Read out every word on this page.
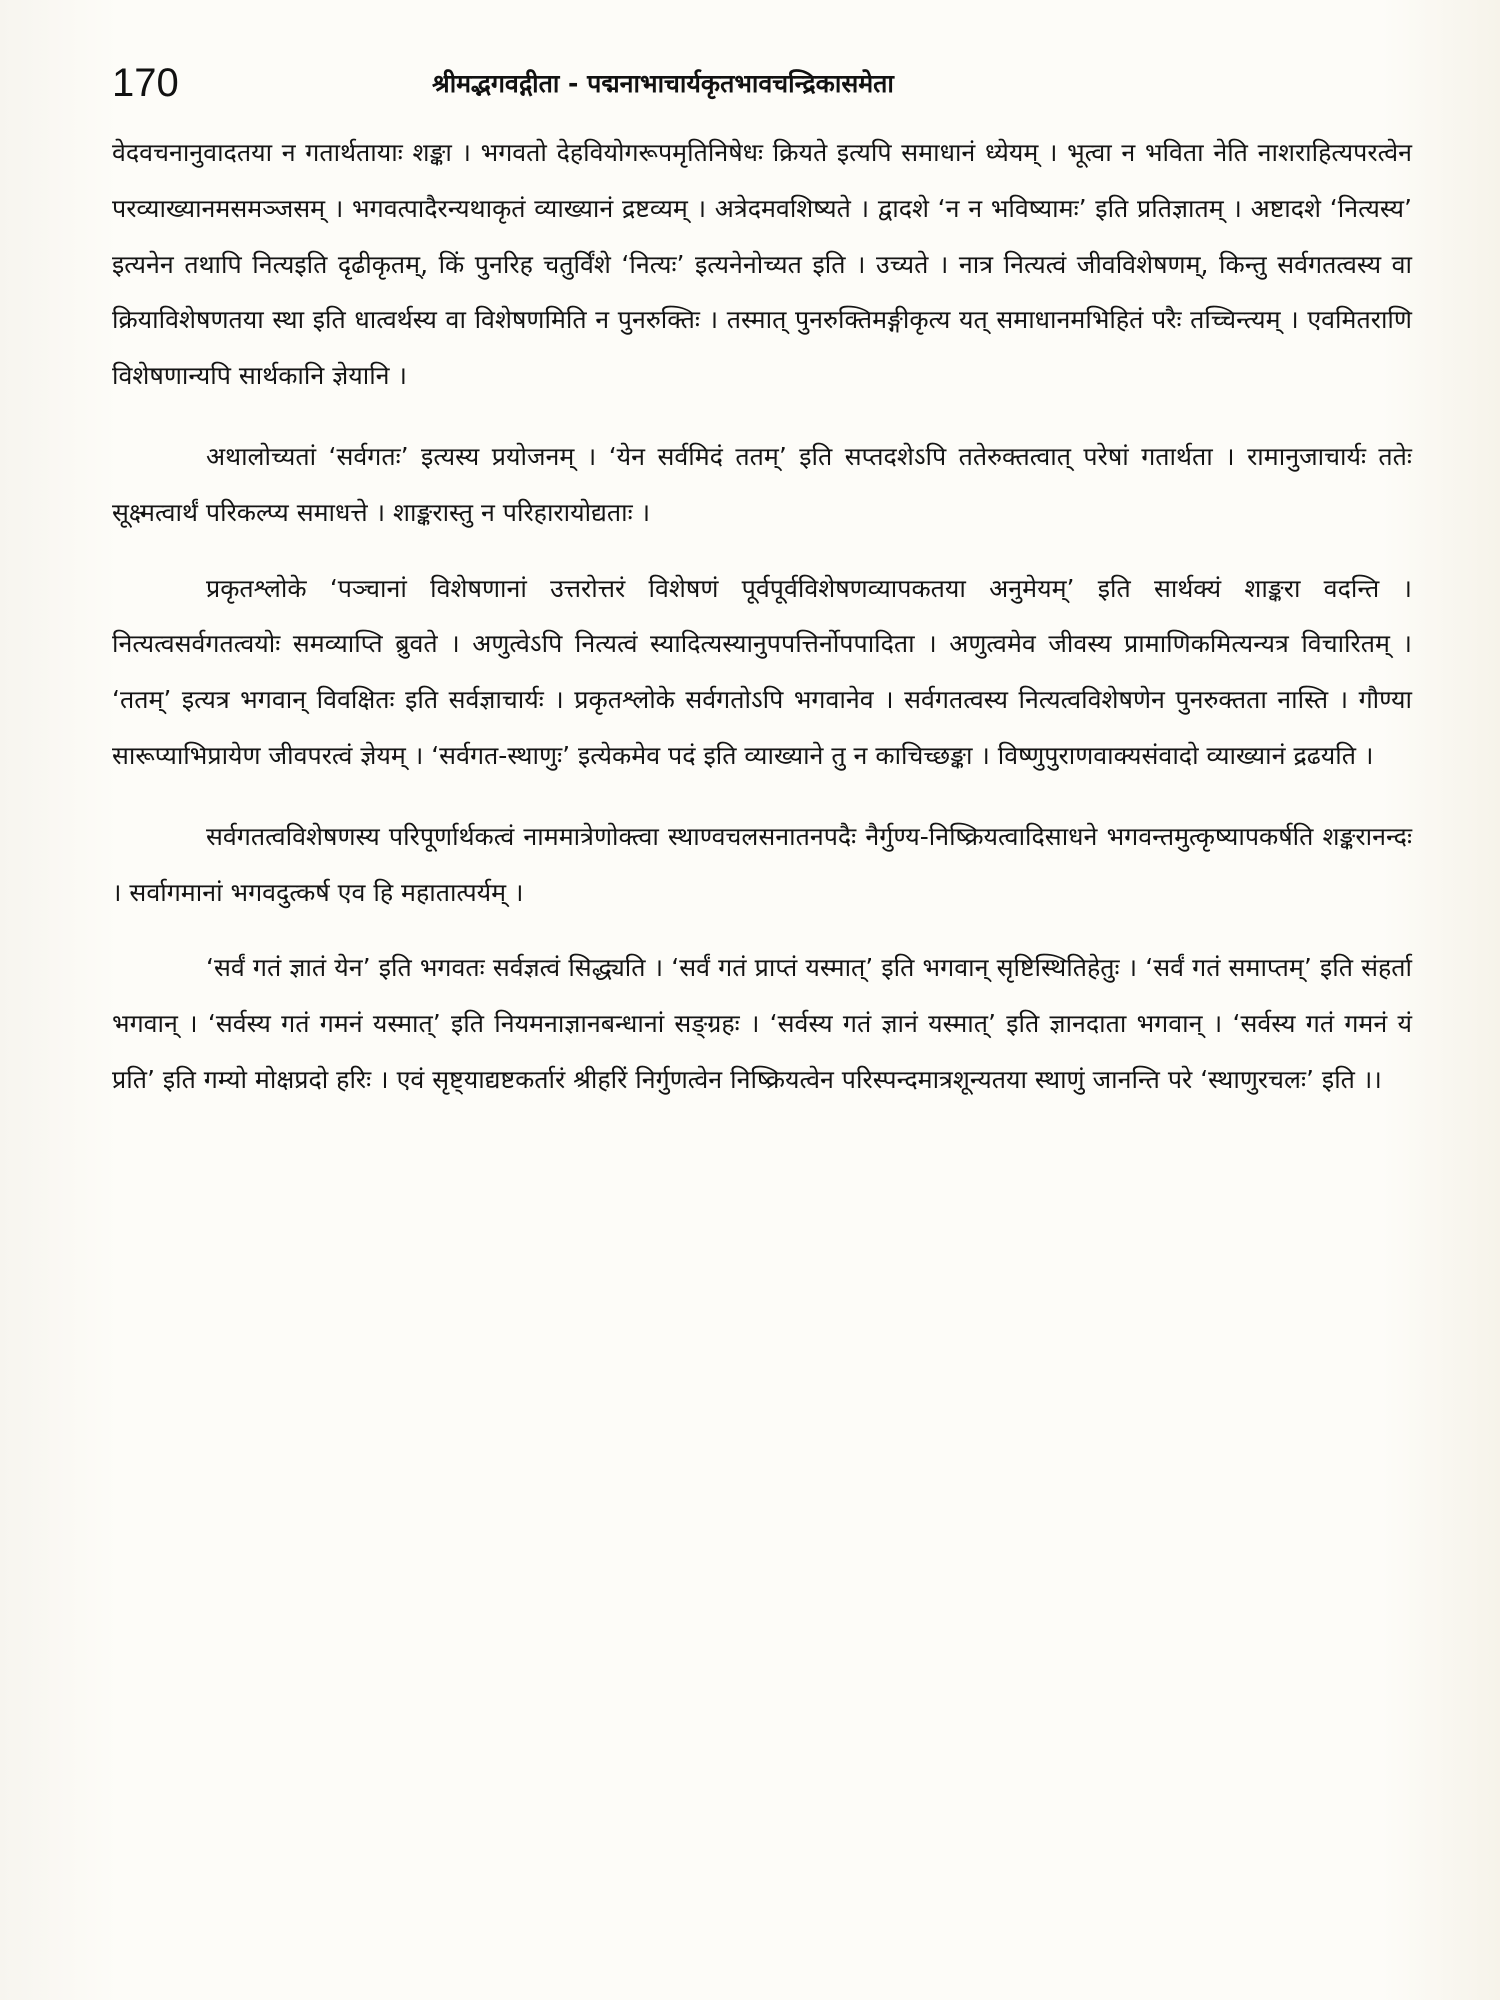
170	श्रीमद्भगवद्गीता - पद्मनाभाचार्यकृतभावचन्द्रिकासमेता

वेदवचनानुवादतया न गतार्थतायाः शङ्का । भगवतो देहवियोगरूपमृतिनिषेधः क्रियते इत्यपि समाधानं ध्येयम् । भूत्वा न भविता नेति नाशराहित्यपरत्वेन परव्याख्यानमसमञ्जसम् । भगवत्पादैरन्यथाकृतं व्याख्यानं द्रष्टव्यम् । अत्रेदमवशिष्यते । द्वादशे ‘न न भविष्यामः’ इति प्रतिज्ञातम् । अष्टादशे ‘नित्यस्य’ इत्यनेन तथापि नित्यइति दृढीकृतम्, किं पुनरिह चतुर्विंशे ‘नित्यः’ इत्यनेनोच्यत इति । उच्यते । नात्र नित्यत्वं जीवविशेषणम्, किन्तु सर्वगतत्वस्य वा क्रियाविशेषणतया स्था इति धात्वर्थस्य वा विशेषणमिति न पुनरुक्तिः । तस्मात् पुनरुक्तिमङ्गीकृत्य यत् समाधानमभिहितं परैः तच्चिन्त्यम् । एवमितराणि विशेषणान्यपि सार्थकानि ज्ञेयानि ।

अथालोच्यतां ‘सर्वगतः’ इत्यस्य प्रयोजनम् । ‘येन सर्वमिदं ततम्’ इति सप्तदशेऽपि ततेरुक्तत्वात् परेषां गतार्थता । रामानुजाचार्यः ततेः सूक्ष्मत्वार्थं परिकल्प्य समाधत्ते । शाङ्करास्तु न परिहारायोद्यताः ।

प्रकृतश्लोके ‘पञ्चानां विशेषणानां उत्तरोत्तरं विशेषणं पूर्वपूर्वविशेषणव्यापकतया अनुमेयम्’ इति सार्थक्यं शाङ्करा वदन्ति । नित्यत्वसर्वगतत्वयोः समव्याप्ति ब्रुवते । अणुत्वेऽपि नित्यत्वं स्यादित्यस्यानुपपत्तिर्नोपपादिता । अणुत्वमेव जीवस्य प्रामाणिकमित्यन्यत्र विचारितम् । ‘ततम्’ इत्यत्र भगवान् विवक्षितः इति सर्वज्ञाचार्यः । प्रकृतश्लोके सर्वगतोऽपि भगवानेव । सर्वगतत्वस्य नित्यत्वविशेषणेन पुनरुक्तता नास्ति । गौण्या सारूप्याभिप्रायेण जीवपरत्वं ज्ञेयम् । ‘सर्वगत-स्थाणुः’ इत्येकमेव पदं इति व्याख्याने तु न काचिच्छङ्का । विष्णुपुराणवाक्यसंवादो व्याख्यानं द्रढयति ।

सर्वगतत्वविशेषणस्य परिपूर्णार्थकत्वं नाममात्रेणोक्त्वा स्थाण्वचलसनातनपदैः नैर्गुण्य-निष्क्रियत्वादिसाधने भगवन्तमुत्कृष्यापकर्षति शङ्करानन्दः । सर्वागमानां भगवदुत्कर्ष एव हि महातात्पर्यम् ।

‘सर्वं गतं ज्ञातं येन’ इति भगवतः सर्वज्ञत्वं सिद्ध्यति । ‘सर्वं गतं प्राप्तं यस्मात्’ इति भगवान् सृष्टिस्थितिहेतुः । ‘सर्वं गतं समाप्तम्’ इति संहर्ता भगवान् । ‘सर्वस्य गतं गमनं यस्मात्’ इति नियमनाज्ञानबन्धानां सङ्ग्रहः । ‘सर्वस्य गतं ज्ञानं यस्मात्’ इति ज्ञानदाता भगवान् । ‘सर्वस्य गतं गमनं यं प्रति’ इति गम्यो मोक्षप्रदो हरिः । एवं सृष्ट्याद्यष्टकर्तारं श्रीहरिं निर्गुणत्वेन निष्क्रियत्वेन परिस्पन्दमात्रशून्यतया स्थाणुं जानन्ति परे ‘स्थाणुरचलः’ इति ।।
